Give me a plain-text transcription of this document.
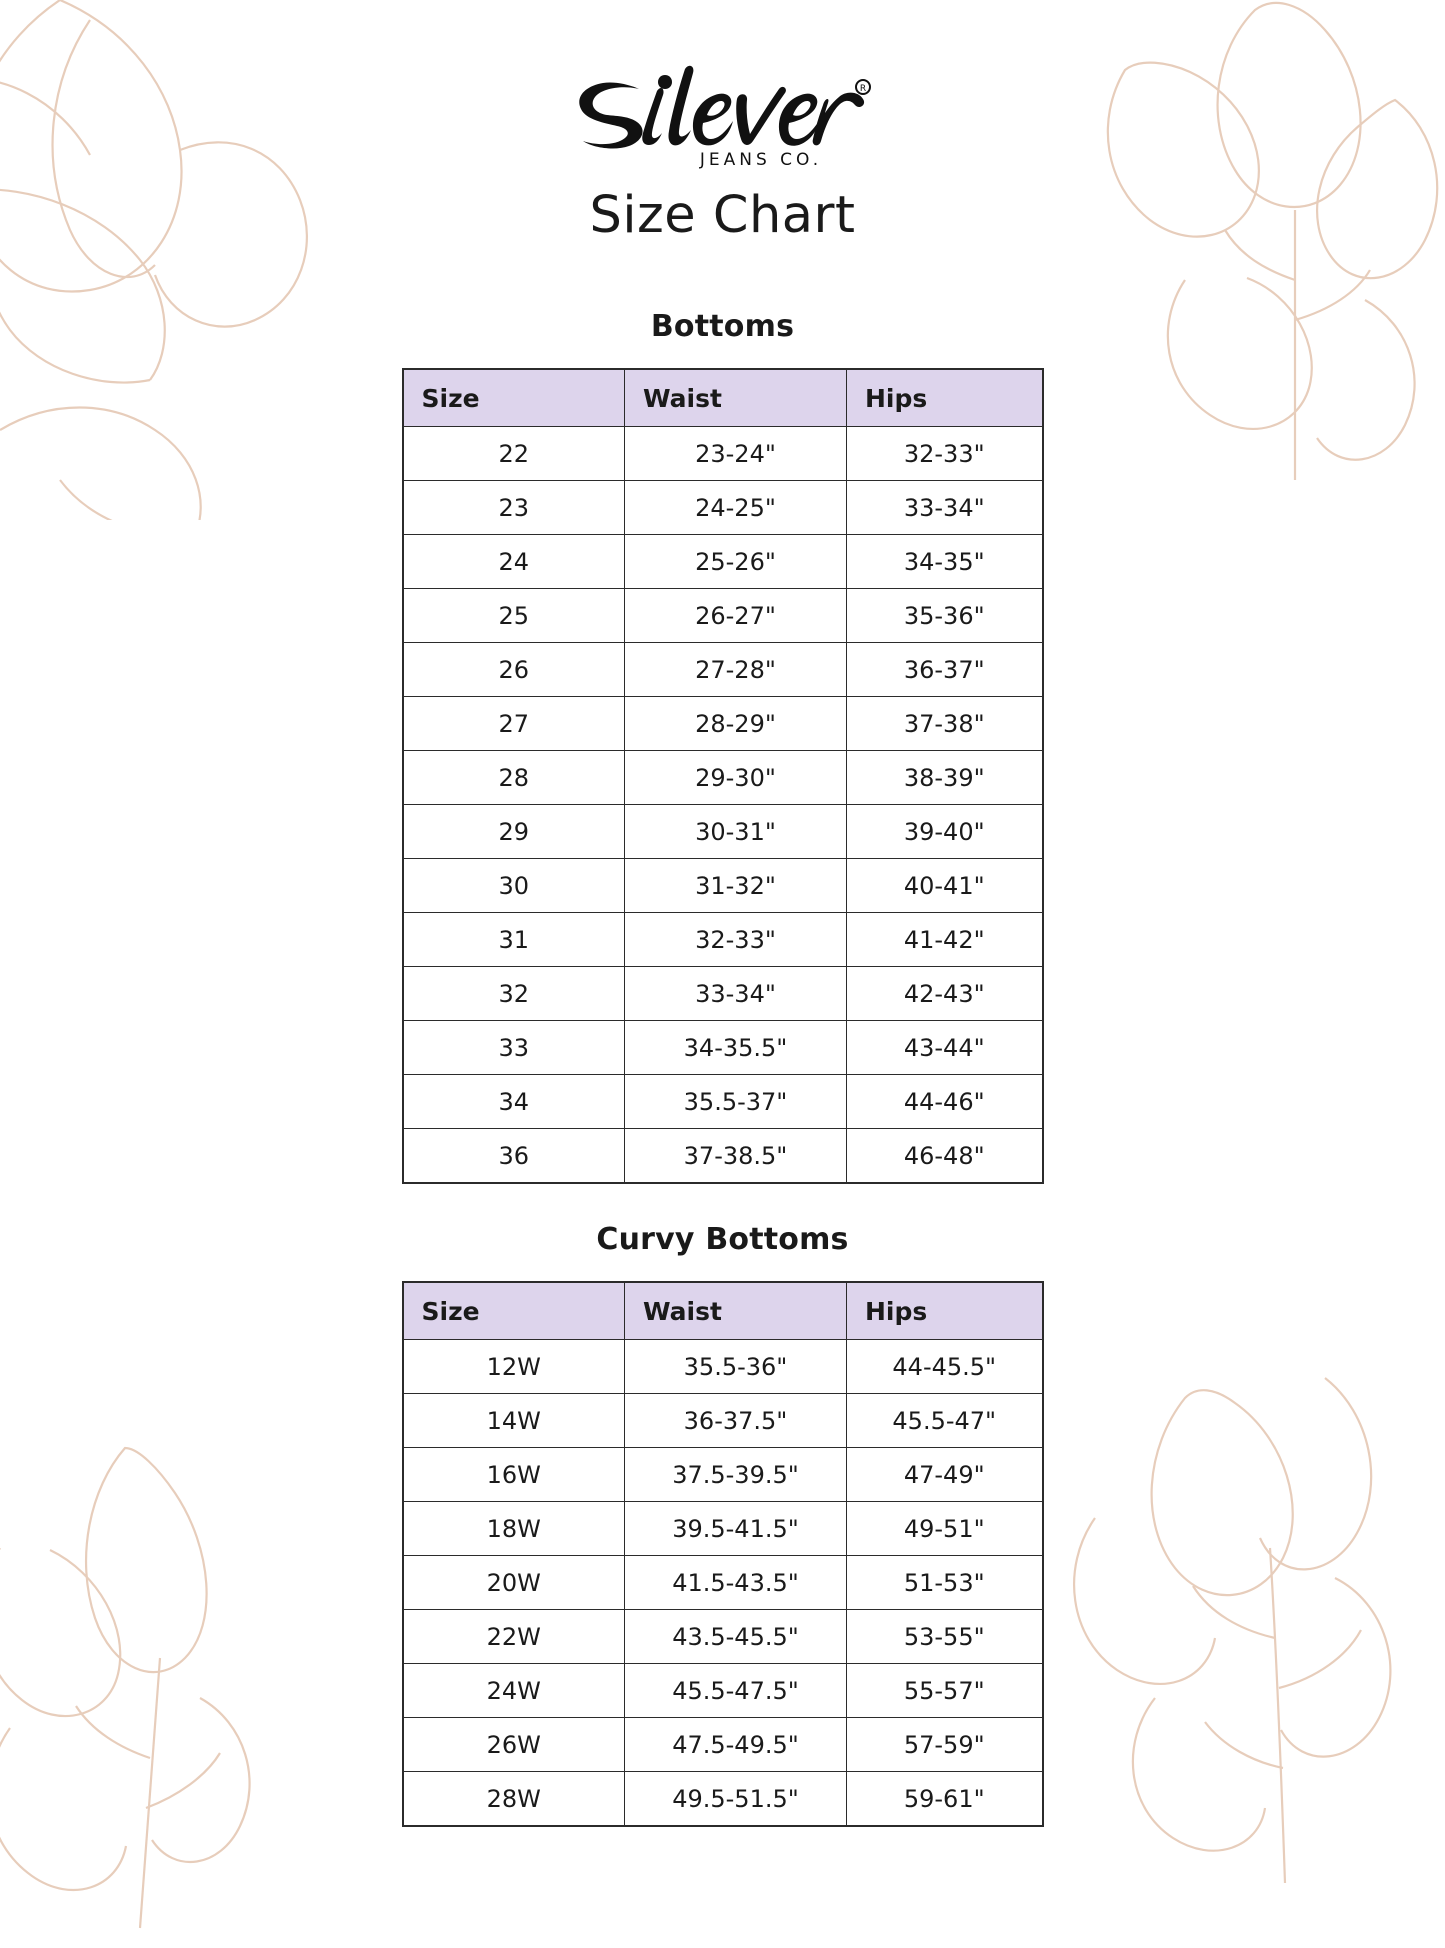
R
JEANS CO.
Size Chart
Bottoms
Size	Waist	Hips
22	23-24"	32-33"
23	24-25"	33-34"
24	25-26"	34-35"
25	26-27"	35-36"
26	27-28"	36-37"
27	28-29"	37-38"
28	29-30"	38-39"
29	30-31"	39-40"
30	31-32"	40-41"
31	32-33"	41-42"
32	33-34"	42-43"
33	34-35.5"	43-44"
34	35.5-37"	44-46"
36	37-38.5"	46-48"
Curvy Bottoms
Size	Waist	Hips
12W	35.5-36"	44-45.5"
14W	36-37.5"	45.5-47"
16W	37.5-39.5"	47-49"
18W	39.5-41.5"	49-51"
20W	41.5-43.5"	51-53"
22W	43.5-45.5"	53-55"
24W	45.5-47.5"	55-57"
26W	47.5-49.5"	57-59"
28W	49.5-51.5"	59-61"
